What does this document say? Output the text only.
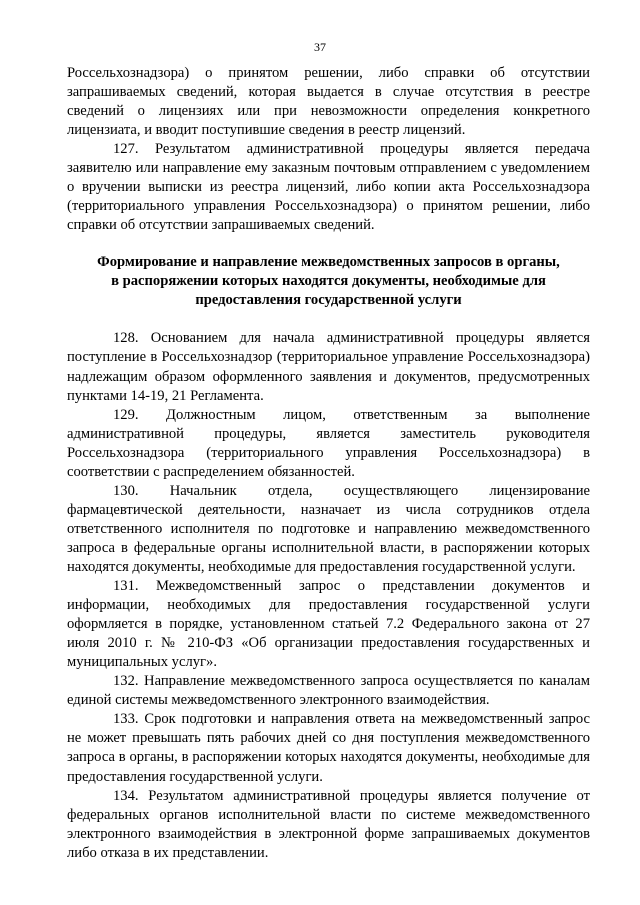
37

Россельхознадзора) о принятом решении, либо справки об отсутствии запрашиваемых сведений, которая выдается в случае отсутствия в реестре сведений о лицензиях или при невозможности определения конкретного лицензиата, и вводит поступившие сведения в реестр лицензий.

127. Результатом административной процедуры является передача заявителю или направление ему заказным почтовым отправлением с уведомлением о вручении выписки из реестра лицензий, либо копии акта Россельхознадзора (территориального управления Россельхознадзора) о принятом решении, либо справки об отсутствии запрашиваемых сведений.

Формирование и направление межведомственных запросов в органы,
в распоряжении которых находятся документы, необходимые для
предоставления государственной услуги

128. Основанием для начала административной процедуры является поступление в Россельхознадзор (территориальное управление Россельхознадзора) надлежащим образом оформленного заявления и документов, предусмотренных пунктами 14-19, 21 Регламента.

129. Должностным лицом, ответственным за выполнение административной процедуры, является заместитель руководителя Россельхознадзора (территориального управления Россельхознадзора) в соответствии с распределением обязанностей.

130. Начальник отдела, осуществляющего лицензирование фармацевтической деятельности, назначает из числа сотрудников отдела ответственного исполнителя по подготовке и направлению межведомственного запроса в федеральные органы исполнительной власти, в распоряжении которых находятся документы, необходимые для предоставления государственной услуги.

131. Межведомственный запрос о представлении документов и информации, необходимых для предоставления государственной услуги оформляется в порядке, установленном статьей 7.2 Федерального закона от 27 июля 2010 г. № 210-ФЗ «Об организации предоставления государственных и муниципальных услуг».

132. Направление межведомственного запроса осуществляется по каналам единой системы межведомственного электронного взаимодействия.

133. Срок подготовки и направления ответа на межведомственный запрос не может превышать пять рабочих дней со дня поступления межведомственного запроса в органы, в распоряжении которых находятся документы, необходимые для предоставления государственной услуги.

134. Результатом административной процедуры является получение от федеральных органов исполнительной власти по системе межведомственного электронного взаимодействия в электронной форме запрашиваемых документов либо отказа в их представлении.
